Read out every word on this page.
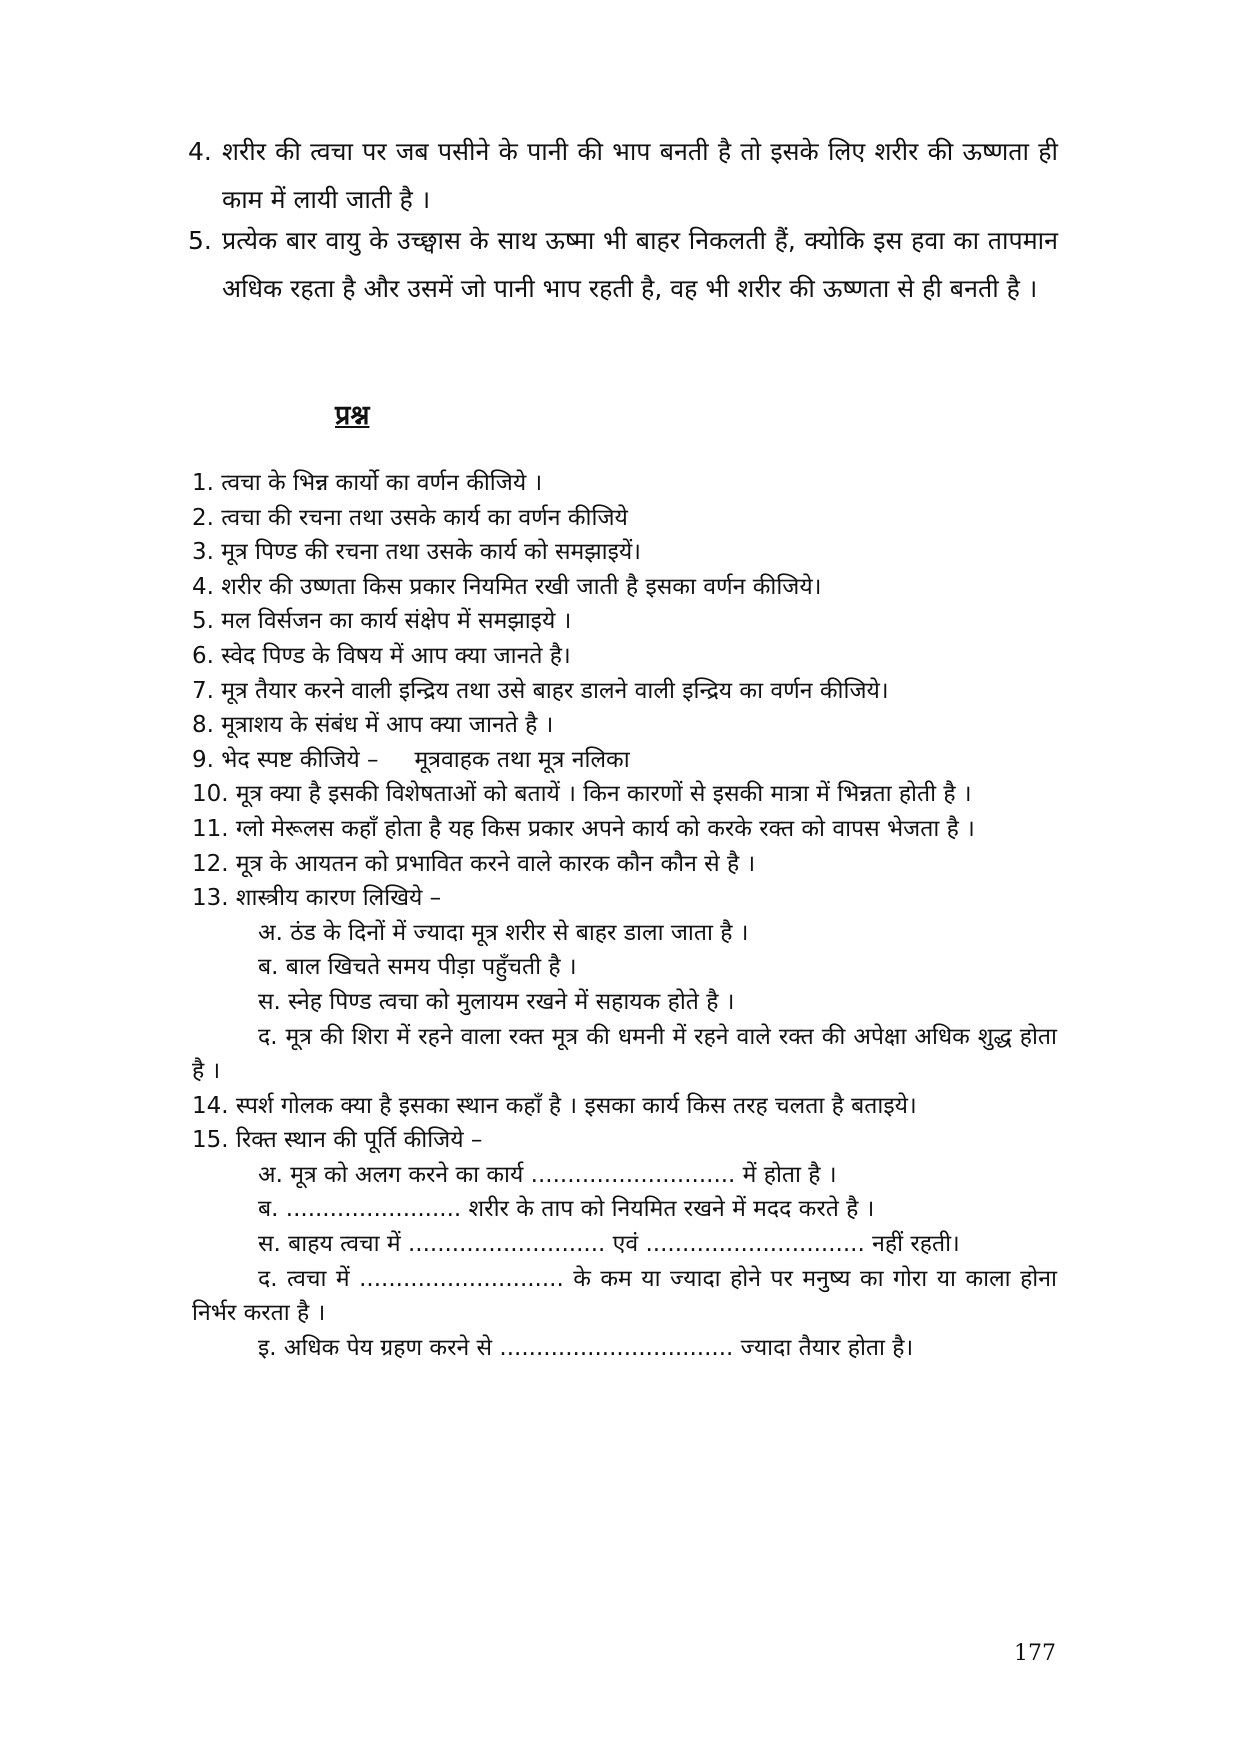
4. शरीर की त्वचा पर जब पसीने के पानी की भाप बनती है तो इसके लिए शरीर की ऊष्णता ही काम में लायी जाती है ।
5. प्रत्येक बार वायु के उच्छ्वास के साथ ऊष्मा भी बाहर निकलती हैं, क्योकि इस हवा का तापमान अधिक रहता है और उसमें जो पानी भाप रहती है, वह भी शरीर की ऊष्णता से ही बनती है ।
प्रश्न
1. त्वचा के भिन्न कार्यो का वर्णन कीजिये ।
2. त्वचा की रचना तथा उसके कार्य का वर्णन कीजिये
3. मूत्र पिण्ड की रचना तथा उसके कार्य को समझाइयें।
4. शरीर की उष्णता किस प्रकार नियमित रखी जाती है इसका वर्णन कीजिये।
5. मल विर्सजन का कार्य संक्षेप में समझाइये ।
6. स्वेद पिण्ड के विषय में आप क्या जानते है।
7. मूत्र तैयार करने वाली इन्द्रिय तथा उसे बाहर डालने वाली इन्द्रिय का वर्णन कीजिये।
8. मूत्राशय के संबंध में आप क्या जानते है ।
9. भेद स्पष्ट कीजिये – मूत्रवाहक तथा मूत्र नलिका
10. मूत्र क्या है इसकी विशेषताओं को बतायें । किन कारणों से इसकी मात्रा में भिन्नता होती है ।
11. ग्लो मेरूलस कहाँ होता है यह किस प्रकार अपने कार्य को करके रक्त को वापस भेजता है ।
12. मूत्र के आयतन को प्रभावित करने वाले कारक कौन कौन से है ।
13. शास्त्रीय कारण लिखिये –
अ. ठंड के दिनों में ज्यादा मूत्र शरीर से बाहर डाला जाता है ।
ब. बाल खिचते समय पीड़ा पहुँचती है ।
स. स्नेह पिण्ड त्वचा को मुलायम रखने में सहायक होते है ।
द. मूत्र की शिरा में रहने वाला रक्त मूत्र की धमनी में रहने वाले रक्त की अपेक्षा अधिक शुद्ध होता है ।
14. स्पर्श गोलक क्या है इसका स्थान कहाँ है । इसका कार्य किस तरह चलता है बताइये।
15. रिक्त स्थान की पूर्ति कीजिये –
अ. मूत्र को अलग करने का कार्य ............................ में होता है ।
ब. ........................ शरीर के ताप को नियमित रखने में मदद करते है ।
स. बाहय त्वचा में ........................... एवं .............................. नहीं रहती।
द. त्वचा में ............................ के कम या ज्यादा होने पर मनुष्य का गोरा या काला होना निर्भर करता है ।
इ. अधिक पेय ग्रहण करने से ................................ ज्यादा तैयार होता है।
177
